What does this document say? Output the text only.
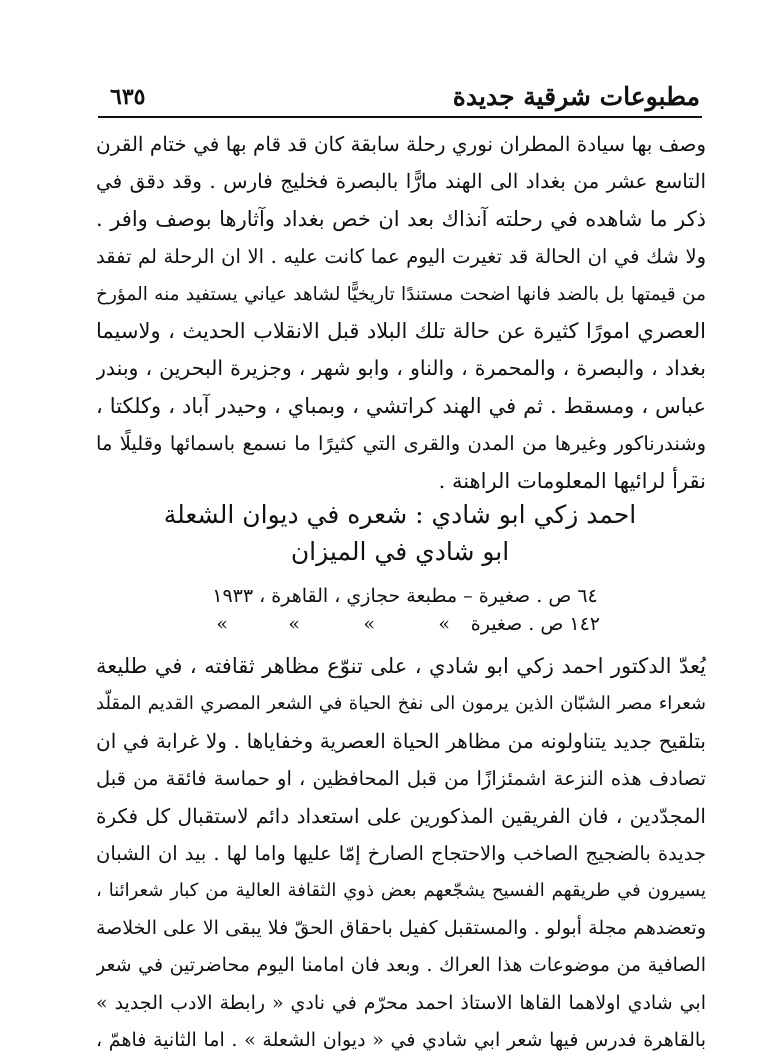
مطبوعات شرقية جديدة
٦٣٥
وصف بها سيادة المطران نوري رحلة سابقة كان قد قام بها في ختام القرن
التاسع عشر من بغداد الى الهند مارًّا بالبصرة فخليج فارس . وقد دقق في
ذكر ما شاهده في رحلته آنذاك بعد ان خص بغداد وآثارها بوصف وافر .
ولا شك في ان الحالة قد تغيرت اليوم عما كانت عليه . الا ان الرحلة لم تفقد
من قيمتها بل بالضد فانها اضحت مستندًا تاريخيًّا لشاهد عياني يستفيد منه المؤرخ
العصري امورًا كثيرة عن حالة تلك البلاد قبل الانقلاب الحديث ، ولاسيما
بغداد ، والبصرة ، والمحمرة ، والناو ، وابو شهر ، وجزيرة البحرين ، وبندر
عباس ، ومسقط . ثم في الهند كراتشي ، وبمباي ، وحيدر آباد ، وكلكتا ،
وشندرناكور وغيرها من المدن والقرى التي كثيرًا ما نسمع باسمائها وقليلًا ما
نقرأ لرائيها المعلومات الراهنة .
احمد زكي ابو شادي : شعره في ديوان الشعلة
ابو شادي في الميزان
٦٤ ص . صغيرة – مطبعة حجازي ، القاهرة ، ١٩٣٣
١٤٢ ص . صغيرة
»
»
»
»
يُعدّ الدكتور احمد زكي ابو شادي ، على تنوّع مظاهر ثقافته ، في طليعة
شعراء مصر الشبّان الذين يرمون الى نفخ الحياة في الشعر المصري القديم المقلّد
بتلقيح جديد يتناولونه من مظاهر الحياة العصرية وخفاياها . ولا غرابة في ان
تصادف هذه النزعة اشمئزازًا من قبل المحافظين ، او حماسة فائقة من قبل
المجدّدين ، فان الفريقين المذكورين على استعداد دائم لاستقبال كل فكرة
جديدة بالضجيج الصاخب والاحتجاج الصارخ إمّا عليها واما لها . بيد ان الشبان
يسيرون في طريقهم الفسيح يشجّعهم بعض ذوي الثقافة العالية من كبار شعرائنا ،
وتعضدهم مجلة أبولو . والمستقبل كفيل باحقاق الحقّ فلا يبقى الا على الخلاصة
الصافية من موضوعات هذا العراك . وبعد فان امامنا اليوم محاضرتين في شعر
ابي شادي اولاهما القاها الاستاذ احمد محرّم في نادي « رابطة الادب الجديد »
بالقاهرة فدرس فيها شعر ابي شادي في « ديوان الشعلة » . اما الثانية فاهمّ ،
